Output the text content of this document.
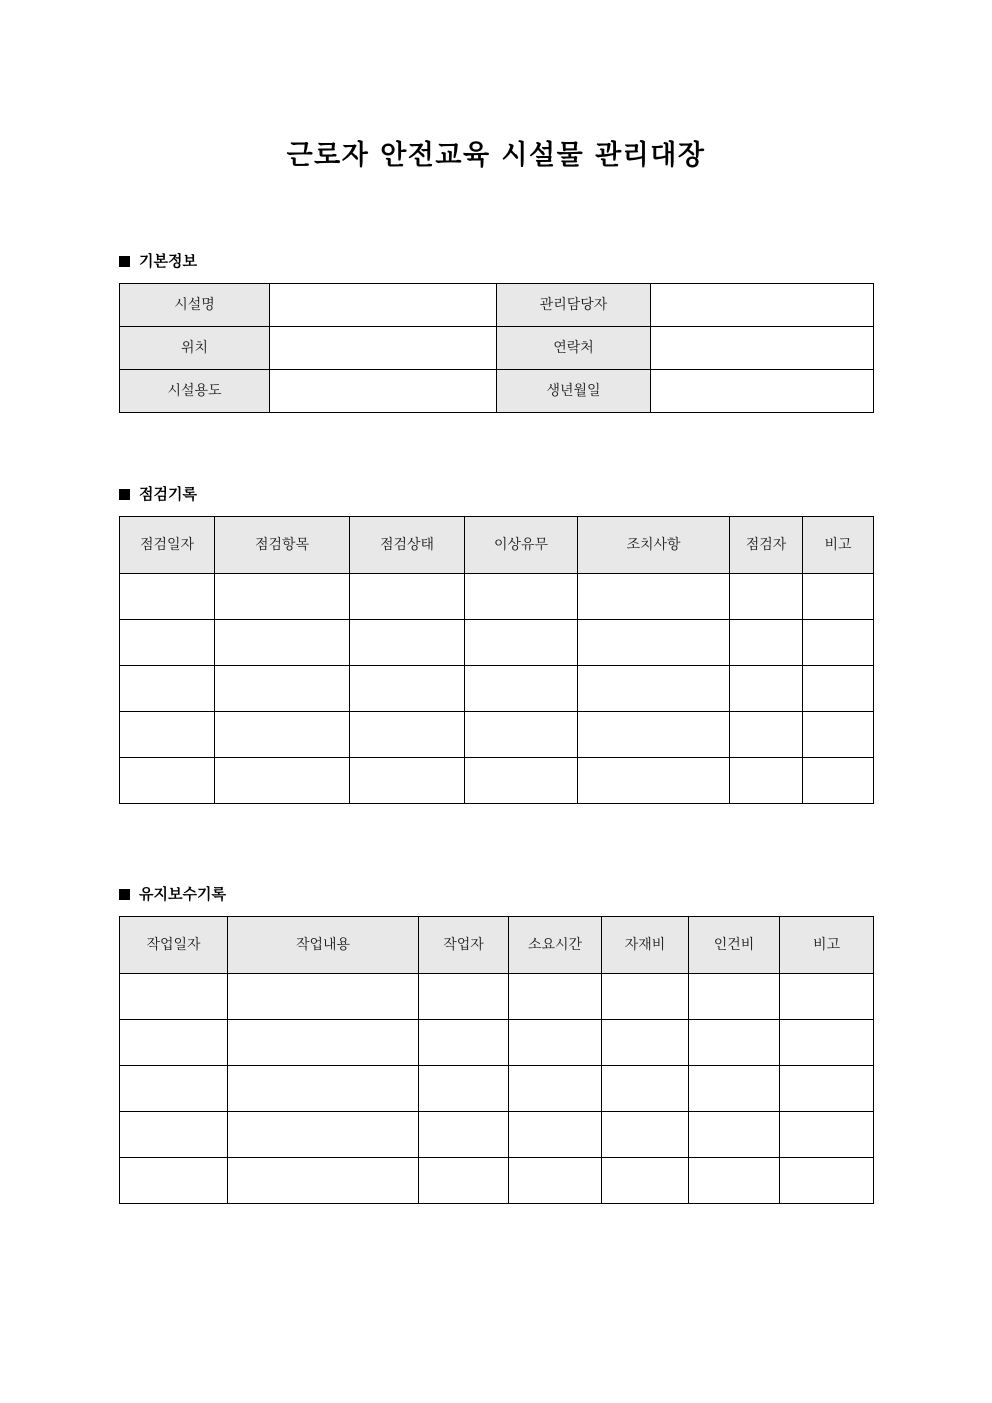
근로자 안전교육 시설물 관리대장
기본정보
시설명		관리담당자	
위치		연락처	
시설용도		생년월일	
점검기록
점검일자	점검항목	점검상태	이상유무	조치사항	점검자	비고

유지보수기록
작업일자	작업내용	작업자	소요시간	자재비	인건비	비고
